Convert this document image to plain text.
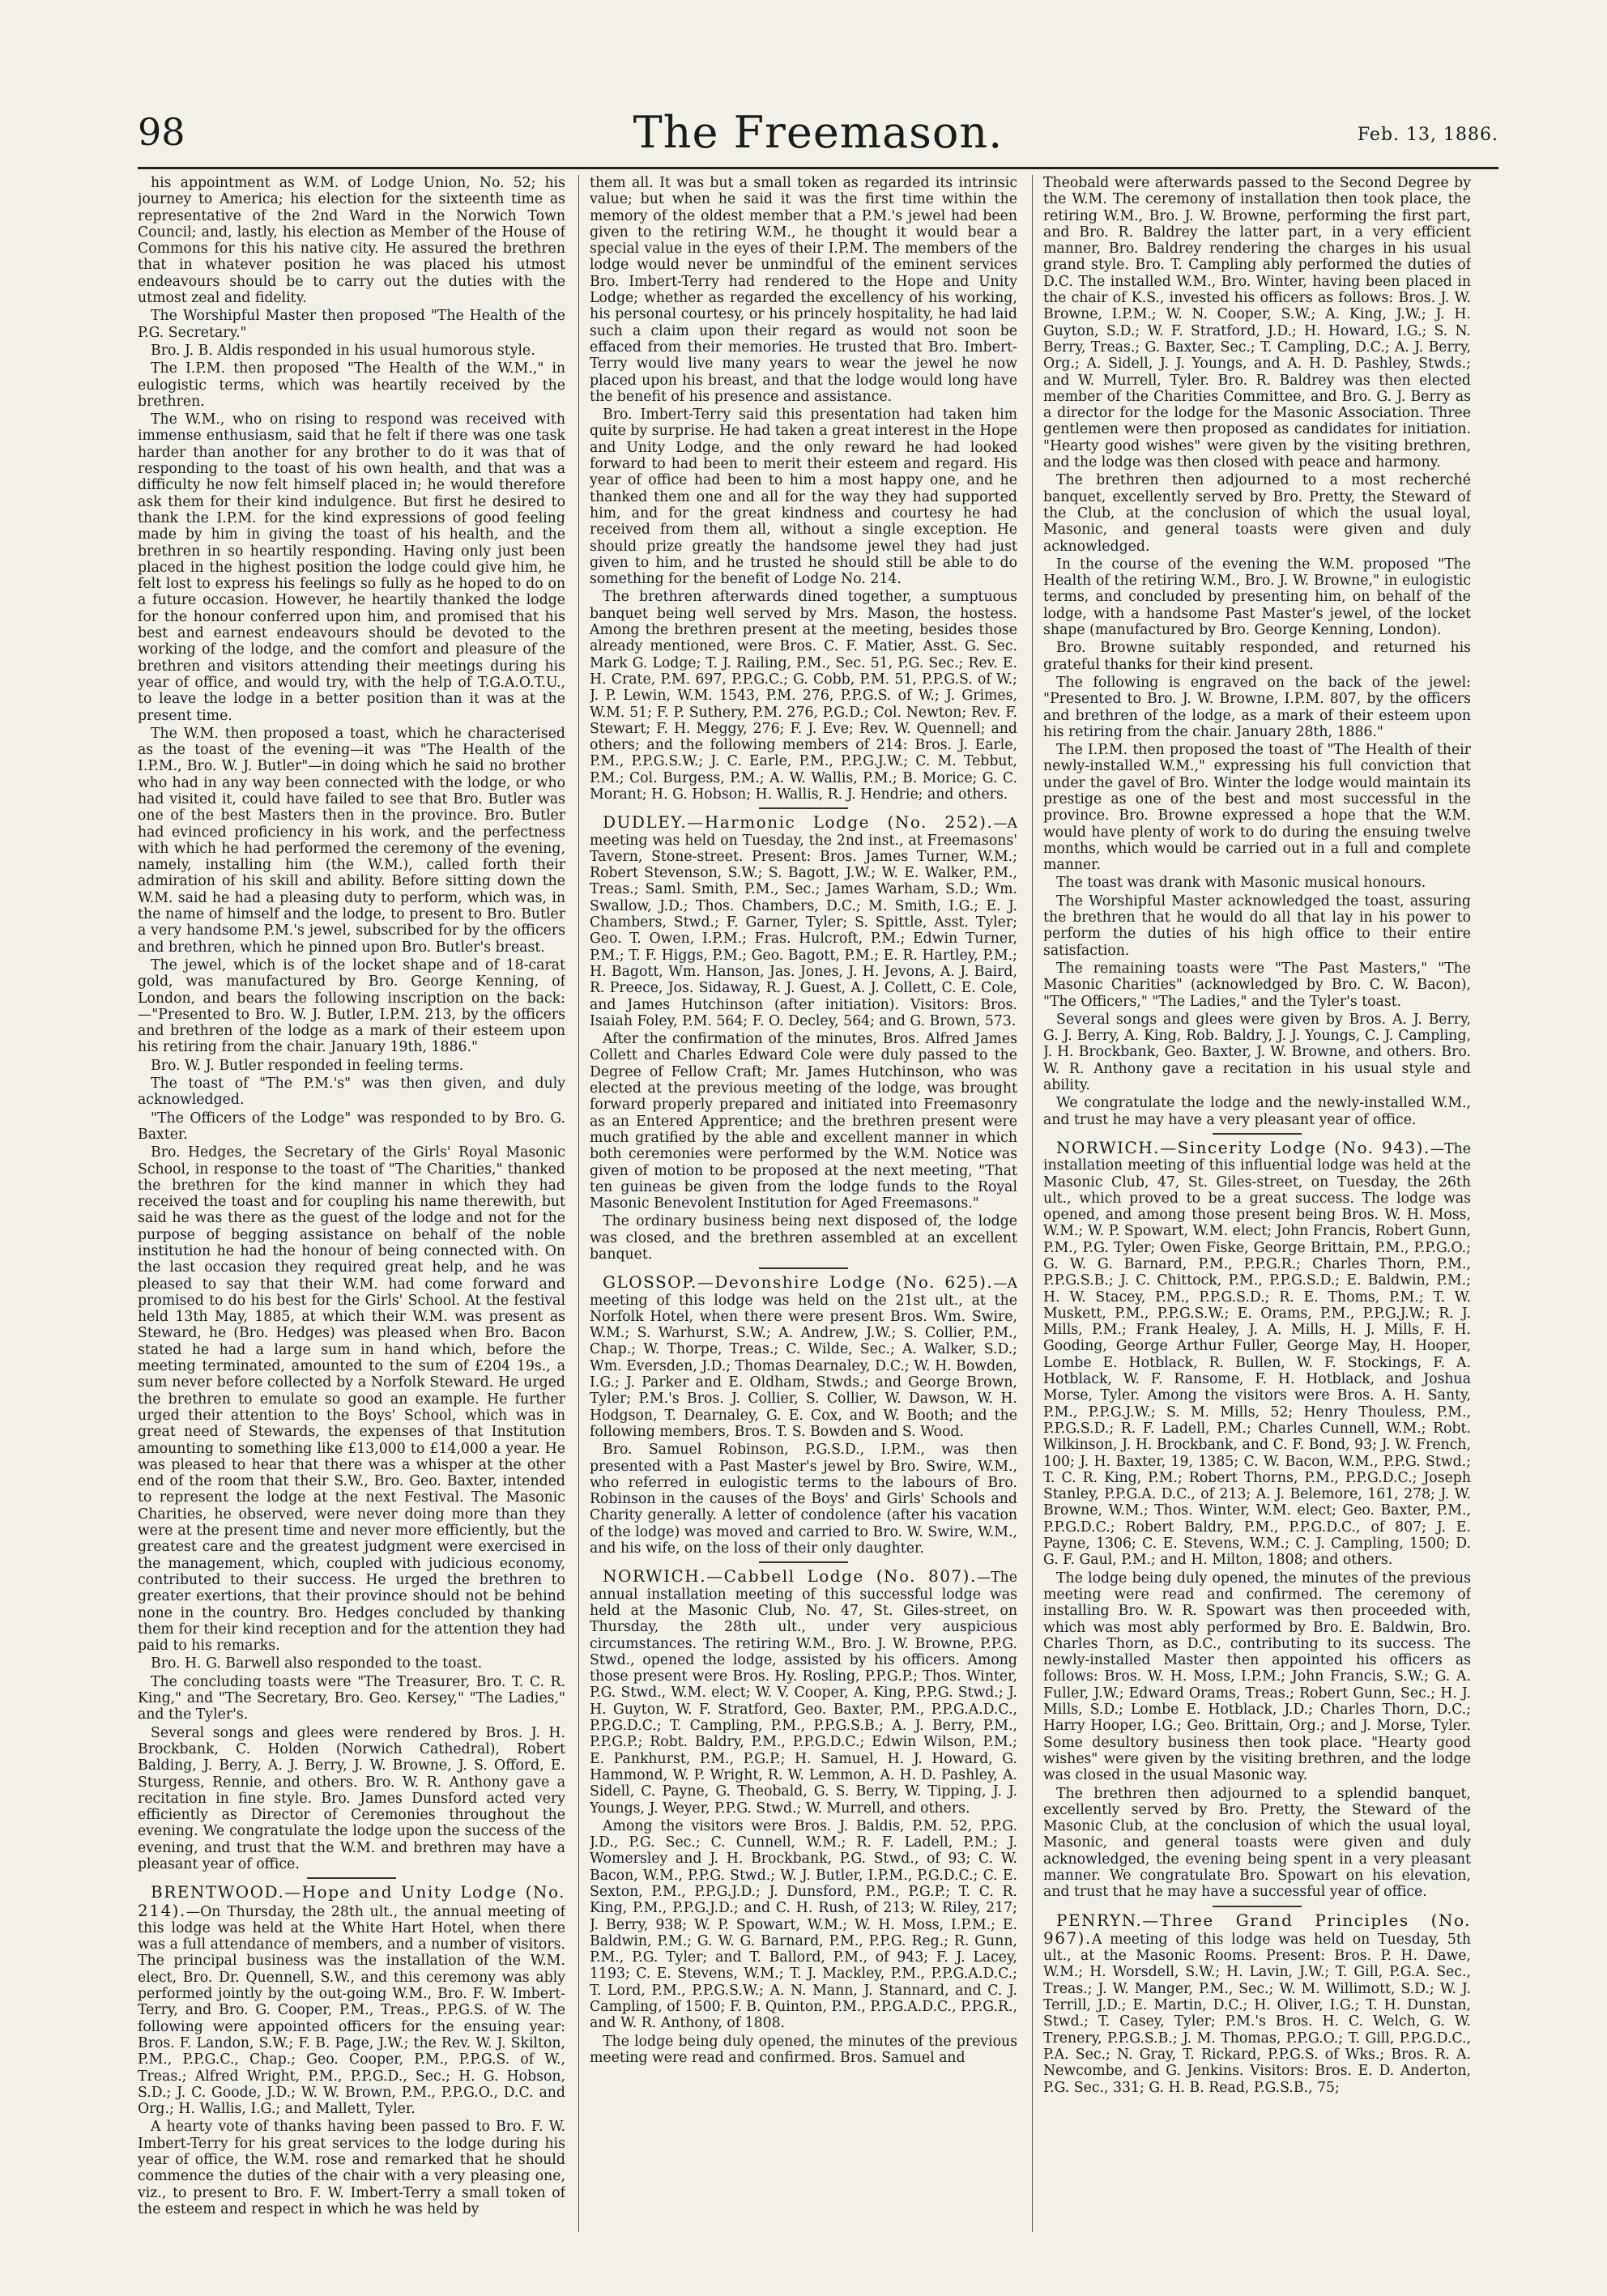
98	The Freemason.	Feb. 13, 1886.

his appointment as W.M. of Lodge Union, No. 52; his journey to America; his election for the sixteenth time as representative of the 2nd Ward in the Norwich Town Council; and, lastly, his election as Member of the House of Commons for this his native city. He assured the brethren that in whatever position he was placed his utmost endeavours should be to carry out the duties with the utmost zeal and fidelity.

The Worshipful Master then proposed "The Health of the P.G. Secretary."

Bro. J. B. Aldis responded in his usual humorous style.

The I.P.M. then proposed "The Health of the W.M.," in eulogistic terms, which was heartily received by the brethren.

The W.M., who on rising to respond was received with immense enthusiasm, said that he felt if there was one task harder than another for any brother to do it was that of responding to the toast of his own health, and that was a difficulty he now felt himself placed in; he would therefore ask them for their kind indulgence. But first he desired to thank the I.P.M. for the kind expressions of good feeling made by him in giving the toast of his health, and the brethren in so heartily responding. Having only just been placed in the highest position the lodge could give him, he felt lost to express his feelings so fully as he hoped to do on a future occasion. However, he heartily thanked the lodge for the honour conferred upon him, and promised that his best and earnest endeavours should be devoted to the working of the lodge, and the comfort and pleasure of the brethren and visitors attending their meetings during his year of office, and would try, with the help of T.G.A.O.T.U., to leave the lodge in a better position than it was at the present time.

The W.M. then proposed a toast, which he characterised as the toast of the evening—it was "The Health of the I.P.M., Bro. W. J. Butler"—in doing which he said no brother who had in any way been connected with the lodge, or who had visited it, could have failed to see that Bro. Butler was one of the best Masters then in the province. Bro. Butler had evinced proficiency in his work, and the perfectness with which he had performed the ceremony of the evening, namely, installing him (the W.M.), called forth their admiration of his skill and ability. Before sitting down the W.M. said he had a pleasing duty to perform, which was, in the name of himself and the lodge, to present to Bro. Butler a very handsome P.M.'s jewel, subscribed for by the officers and brethren, which he pinned upon Bro. Butler's breast.

The jewel, which is of the locket shape and of 18-carat gold, was manufactured by Bro. George Kenning, of London, and bears the following inscription on the back:—"Presented to Bro. W. J. Butler, I.P.M. 213, by the officers and brethren of the lodge as a mark of their esteem upon his retiring from the chair. January 19th, 1886."

Bro. W. J. Butler responded in feeling terms.

The toast of "The P.M.'s" was then given, and duly acknowledged.

"The Officers of the Lodge" was responded to by Bro. G. Baxter.

Bro. Hedges, the Secretary of the Girls' Royal Masonic School, in response to the toast of "The Charities," thanked the brethren for the kind manner in which they had received the toast and for coupling his name therewith, but said he was there as the guest of the lodge and not for the purpose of begging assistance on behalf of the noble institution he had the honour of being connected with. On the last occasion they required great help, and he was pleased to say that their W.M. had come forward and promised to do his best for the Girls' School. At the festival held 13th May, 1885, at which their W.M. was present as Steward, he (Bro. Hedges) was pleased when Bro. Bacon stated he had a large sum in hand which, before the meeting terminated, amounted to the sum of £204 19s., a sum never before collected by a Norfolk Steward. He urged the brethren to emulate so good an example. He further urged their attention to the Boys' School, which was in great need of Stewards, the expenses of that Institution amounting to something like £13,000 to £14,000 a year. He was pleased to hear that there was a whisper at the other end of the room that their S.W., Bro. Geo. Baxter, intended to represent the lodge at the next Festival. The Masonic Charities, he observed, were never doing more than they were at the present time and never more efficiently, but the greatest care and the greatest judgment were exercised in the management, which, coupled with judicious economy, contributed to their success. He urged the brethren to greater exertions, that their province should not be behind none in the country. Bro. Hedges concluded by thanking them for their kind reception and for the attention they had paid to his remarks.

Bro. H. G. Barwell also responded to the toast.

The concluding toasts were "The Treasurer, Bro. T. C. R. King," and "The Secretary, Bro. Geo. Kersey," "The Ladies," and the Tyler's.

Several songs and glees were rendered by Bros. J. H. Brockbank, C. Holden (Norwich Cathedral), Robert Balding, J. Berry, A. J. Berry, J. W. Browne, J. S. Offord, E. Sturgess, Rennie, and others. Bro. W. R. Anthony gave a recitation in fine style. Bro. James Dunsford acted very efficiently as Director of Ceremonies throughout the evening. We congratulate the lodge upon the success of the evening, and trust that the W.M. and brethren may have a pleasant year of office.

BRENTWOOD.—Hope and Unity Lodge (No. 214).—On Thursday, the 28th ult., the annual meeting of this lodge was held at the White Hart Hotel, when there was a full attendance of members, and a number of visitors. The principal business was the installation of the W.M. elect, Bro. Dr. Quennell, S.W., and this ceremony was ably performed jointly by the out-going W.M., Bro. F. W. Imbert-Terry, and Bro. G. Cooper, P.M., Treas., P.P.G.S. of W. The following were appointed officers for the ensuing year: Bros. F. Landon, S.W.; F. B. Page, J.W.; the Rev. W. J. Skilton, P.M., P.P.G.C., Chap.; Geo. Cooper, P.M., P.P.G.S. of W., Treas.; Alfred Wright, P.M., P.P.G.D., Sec.; H. G. Hobson, S.D.; J. C. Goode, J.D.; W. W. Brown, P.M., P.P.G.O., D.C. and Org.; H. Wallis, I.G.; and Mallett, Tyler.

A hearty vote of thanks having been passed to Bro. F. W. Imbert-Terry for his great services to the lodge during his year of office, the W.M. rose and remarked that he should commence the duties of the chair with a very pleasing one, viz., to present to Bro. F. W. Imbert-Terry a small token of the esteem and respect in which he was held by

them all. It was but a small token as regarded its intrinsic value; but when he said it was the first time within the memory of the oldest member that a P.M.'s jewel had been given to the retiring W.M., he thought it would bear a special value in the eyes of their I.P.M. The members of the lodge would never be unmindful of the eminent services Bro. Imbert-Terry had rendered to the Hope and Unity Lodge; whether as regarded the excellency of his working, his personal courtesy, or his princely hospitality, he had laid such a claim upon their regard as would not soon be effaced from their memories. He trusted that Bro. Imbert-Terry would live many years to wear the jewel he now placed upon his breast, and that the lodge would long have the benefit of his presence and assistance.

Bro. Imbert-Terry said this presentation had taken him quite by surprise. He had taken a great interest in the Hope and Unity Lodge, and the only reward he had looked forward to had been to merit their esteem and regard. His year of office had been to him a most happy one, and he thanked them one and all for the way they had supported him, and for the great kindness and courtesy he had received from them all, without a single exception. He should prize greatly the handsome jewel they had just given to him, and he trusted he should still be able to do something for the benefit of Lodge No. 214.

The brethren afterwards dined together, a sumptuous banquet being well served by Mrs. Mason, the hostess. Among the brethren present at the meeting, besides those already mentioned, were Bros. C. F. Matier, Asst. G. Sec. Mark G. Lodge; T. J. Railing, P.M., Sec. 51, P.G. Sec.; Rev. E. H. Crate, P.M. 697, P.P.G.C.; G. Cobb, P.M. 51, P.P.G.S. of W.; J. P. Lewin, W.M. 1543, P.M. 276, P.P.G.S. of W.; J. Grimes, W.M. 51; F. P. Suthery, P.M. 276, P.G.D.; Col. Newton; Rev. F. Stewart; F. H. Meggy, 276; F. J. Eve; Rev. W. Quennell; and others; and the following members of 214: Bros. J. Earle, P.M., P.P.G.S.W.; J. C. Earle, P.M., P.P.G.J.W.; C. M. Tebbut, P.M.; Col. Burgess, P.M.; A. W. Wallis, P.M.; B. Morice; G. C. Morant; H. G. Hobson; H. Wallis, R. J. Hendrie; and others.

DUDLEY.—Harmonic Lodge (No. 252).—A meeting was held on Tuesday, the 2nd inst., at Freemasons' Tavern, Stone-street. Present: Bros. James Turner, W.M.; Robert Stevenson, S.W.; S. Bagott, J.W.; W. E. Walker, P.M., Treas.; Saml. Smith, P.M., Sec.; James Warham, S.D.; Wm. Swallow, J.D.; Thos. Chambers, D.C.; M. Smith, I.G.; E. J. Chambers, Stwd.; F. Garner, Tyler; S. Spittle, Asst. Tyler; Geo. T. Owen, I.P.M.; Fras. Hulcroft, P.M.; Edwin Turner, P.M.; T. F. Higgs, P.M.; Geo. Bagott, P.M.; E. R. Hartley, P.M.; H. Bagott, Wm. Hanson, Jas. Jones, J. H. Jevons, A. J. Baird, R. Preece, Jos. Sidaway, R. J. Guest, A. J. Collett, C. E. Cole, and James Hutchinson (after initiation). Visitors: Bros. Isaiah Foley, P.M. 564; F. O. Decley, 564; and G. Brown, 573.

After the confirmation of the minutes, Bros. Alfred James Collett and Charles Edward Cole were duly passed to the Degree of Fellow Craft; Mr. James Hutchinson, who was elected at the previous meeting of the lodge, was brought forward properly prepared and initiated into Freemasonry as an Entered Apprentice; and the brethren present were much gratified by the able and excellent manner in which both ceremonies were performed by the W.M. Notice was given of motion to be proposed at the next meeting, "That ten guineas be given from the lodge funds to the Royal Masonic Benevolent Institution for Aged Freemasons."

The ordinary business being next disposed of, the lodge was closed, and the brethren assembled at an excellent banquet.

GLOSSOP.—Devonshire Lodge (No. 625).—A meeting of this lodge was held on the 21st ult., at the Norfolk Hotel, when there were present Bros. Wm. Swire, W.M.; S. Warhurst, S.W.; A. Andrew, J.W.; S. Collier, P.M., Chap.; W. Thorpe, Treas.; C. Wilde, Sec.; A. Walker, S.D.; Wm. Eversden, J.D.; Thomas Dearnaley, D.C.; W. H. Bowden, I.G.; J. Parker and E. Oldham, Stwds.; and George Brown, Tyler; P.M.'s Bros. J. Collier, S. Collier, W. Dawson, W. H. Hodgson, T. Dearnaley, G. E. Cox, and W. Booth; and the following members, Bros. T. S. Bowden and S. Wood.

Bro. Samuel Robinson, P.G.S.D., I.P.M., was then presented with a Past Master's jewel by Bro. Swire, W.M., who referred in eulogistic terms to the labours of Bro. Robinson in the causes of the Boys' and Girls' Schools and Charity generally. A letter of condolence (after his vacation of the lodge) was moved and carried to Bro. W. Swire, W.M., and his wife, on the loss of their only daughter.

NORWICH.—Cabbell Lodge (No. 807).—The annual installation meeting of this successful lodge was held at the Masonic Club, No. 47, St. Giles-street, on Thursday, the 28th ult., under very auspicious circumstances. The retiring W.M., Bro. J. W. Browne, P.P.G. Stwd., opened the lodge, assisted by his officers. Among those present were Bros. Hy. Rosling, P.P.G.P.; Thos. Winter, P.G. Stwd., W.M. elect; W. V. Cooper, A. King, P.P.G. Stwd.; J. H. Guyton, W. F. Stratford, Geo. Baxter, P.M., P.P.G.A.D.C., P.P.G.D.C.; T. Campling, P.M., P.P.G.S.B.; A. J. Berry, P.M., P.P.G.P.; Robt. Baldry, P.M., P.P.G.D.C.; Edwin Wilson, P.M.; E. Pankhurst, P.M., P.G.P.; H. Samuel, H. J. Howard, G. Hammond, W. P. Wright, R. W. Lemmon, A. H. D. Pashley, A. Sidell, C. Payne, G. Theobald, G. S. Berry, W. Tipping, J. J. Youngs, J. Weyer, P.P.G. Stwd.; W. Murrell, and others.

Among the visitors were Bros. J. Baldis, P.M. 52, P.P.G. J.D., P.G. Sec.; C. Cunnell, W.M.; R. F. Ladell, P.M.; J. Womersley and J. H. Brockbank, P.G. Stwd., of 93; C. W. Bacon, W.M., P.P.G. Stwd.; W. J. Butler, I.P.M., P.G.D.C.; C. E. Sexton, P.M., P.P.G.J.D.; J. Dunsford, P.M., P.G.P.; T. C. R. King, P.M., P.P.G.J.D.; and C. H. Rush, of 213; W. Riley, 217; J. Berry, 938; W. P. Spowart, W.M.; W. H. Moss, I.P.M.; E. Baldwin, P.M.; G. W. G. Barnard, P.M., P.P.G. Reg.; R. Gunn, P.M., P.G. Tyler; and T. Ballord, P.M., of 943; F. J. Lacey, 1193; C. E. Stevens, W.M.; T. J. Mackley, P.M., P.P.G.A.D.C.; T. Lord, P.M., P.P.G.S.W.; A. N. Mann, J. Stannard, and C. J. Campling, of 1500; F. B. Quinton, P.M., P.P.G.A.D.C., P.P.G.R., and W. R. Anthony, of 1808.

The lodge being duly opened, the minutes of the previous meeting were read and confirmed. Bros. Samuel and

Theobald were afterwards passed to the Second Degree by the W.M. The ceremony of installation then took place, the retiring W.M., Bro. J. W. Browne, performing the first part, and Bro. R. Baldrey the latter part, in a very efficient manner, Bro. Baldrey rendering the charges in his usual grand style. Bro. T. Campling ably performed the duties of D.C. The installed W.M., Bro. Winter, having been placed in the chair of K.S., invested his officers as follows: Bros. J. W. Browne, I.P.M.; W. N. Cooper, S.W.; A. King, J.W.; J. H. Guyton, S.D.; W. F. Stratford, J.D.; H. Howard, I.G.; S. N. Berry, Treas.; G. Baxter, Sec.; T. Campling, D.C.; A. J. Berry, Org.; A. Sidell, J. J. Youngs, and A. H. D. Pashley, Stwds.; and W. Murrell, Tyler. Bro. R. Baldrey was then elected member of the Charities Committee, and Bro. G. J. Berry as a director for the lodge for the Masonic Association. Three gentlemen were then proposed as candidates for initiation. "Hearty good wishes" were given by the visiting brethren, and the lodge was then closed with peace and harmony.

The brethren then adjourned to a most recherché banquet, excellently served by Bro. Pretty, the Steward of the Club, at the conclusion of which the usual loyal, Masonic, and general toasts were given and duly acknowledged.

In the course of the evening the W.M. proposed "The Health of the retiring W.M., Bro. J. W. Browne," in eulogistic terms, and concluded by presenting him, on behalf of the lodge, with a handsome Past Master's jewel, of the locket shape (manufactured by Bro. George Kenning, London).

Bro. Browne suitably responded, and returned his grateful thanks for their kind present.

The following is engraved on the back of the jewel: "Presented to Bro. J. W. Browne, I.P.M. 807, by the officers and brethren of the lodge, as a mark of their esteem upon his retiring from the chair. January 28th, 1886."

The I.P.M. then proposed the toast of "The Health of their newly-installed W.M.," expressing his full conviction that under the gavel of Bro. Winter the lodge would maintain its prestige as one of the best and most successful in the province. Bro. Browne expressed a hope that the W.M. would have plenty of work to do during the ensuing twelve months, which would be carried out in a full and complete manner.

The toast was drank with Masonic musical honours.

The Worshipful Master acknowledged the toast, assuring the brethren that he would do all that lay in his power to perform the duties of his high office to their entire satisfaction.

The remaining toasts were "The Past Masters," "The Masonic Charities" (acknowledged by Bro. C. W. Bacon), "The Officers," "The Ladies," and the Tyler's toast.

Several songs and glees were given by Bros. A. J. Berry, G. J. Berry, A. King, Rob. Baldry, J. J. Youngs, C. J. Campling, J. H. Brockbank, Geo. Baxter, J. W. Browne, and others. Bro. W. R. Anthony gave a recitation in his usual style and ability.

We congratulate the lodge and the newly-installed W.M., and trust he may have a very pleasant year of office.

NORWICH.—Sincerity Lodge (No. 943).—The installation meeting of this influential lodge was held at the Masonic Club, 47, St. Giles-street, on Tuesday, the 26th ult., which proved to be a great success. The lodge was opened, and among those present being Bros. W. H. Moss, W.M.; W. P. Spowart, W.M. elect; John Francis, Robert Gunn, P.M., P.G. Tyler; Owen Fiske, George Brittain, P.M., P.P.G.O.; G. W. G. Barnard, P.M., P.P.G.R.; Charles Thorn, P.M., P.P.G.S.B.; J. C. Chittock, P.M., P.P.G.S.D.; E. Baldwin, P.M.; H. W. Stacey, P.M., P.P.G.S.D.; R. E. Thoms, P.M.; T. W. Muskett, P.M., P.P.G.S.W.; E. Orams, P.M., P.P.G.J.W.; R. J. Mills, P.M.; Frank Healey, J. A. Mills, H. J. Mills, F. H. Gooding, George Arthur Fuller, George May, H. Hooper, Lombe E. Hotblack, R. Bullen, W. F. Stockings, F. A. Hotblack, W. F. Ransome, F. H. Hotblack, and Joshua Morse, Tyler. Among the visitors were Bros. A. H. Santy, P.M., P.P.G.J.W.; S. M. Mills, 52; Henry Thouless, P.M., P.P.G.S.D.; R. F. Ladell, P.M.; Charles Cunnell, W.M.; Robt. Wilkinson, J. H. Brockbank, and C. F. Bond, 93; J. W. French, 100; J. H. Baxter, 19, 1385; C. W. Bacon, W.M., P.P.G. Stwd.; T. C. R. King, P.M.; Robert Thorns, P.M., P.P.G.D.C.; Joseph Stanley, P.P.G.A. D.C., of 213; A. J. Belemore, 161, 278; J. W. Browne, W.M.; Thos. Winter, W.M. elect; Geo. Baxter, P.M., P.P.G.D.C.; Robert Baldry, P.M., P.P.G.D.C., of 807; J. E. Payne, 1306; C. E. Stevens, W.M.; C. J. Campling, 1500; D. G. F. Gaul, P.M.; and H. Milton, 1808; and others.

The lodge being duly opened, the minutes of the previous meeting were read and confirmed. The ceremony of installing Bro. W. R. Spowart was then proceeded with, which was most ably performed by Bro. E. Baldwin, Bro. Charles Thorn, as D.C., contributing to its success. The newly-installed Master then appointed his officers as follows: Bros. W. H. Moss, I.P.M.; John Francis, S.W.; G. A. Fuller, J.W.; Edward Orams, Treas.; Robert Gunn, Sec.; H. J. Mills, S.D.; Lombe E. Hotblack, J.D.; Charles Thorn, D.C.; Harry Hooper, I.G.; Geo. Brittain, Org.; and J. Morse, Tyler. Some desultory business then took place. "Hearty good wishes" were given by the visiting brethren, and the lodge was closed in the usual Masonic way.

The brethren then adjourned to a splendid banquet, excellently served by Bro. Pretty, the Steward of the Masonic Club, at the conclusion of which the usual loyal, Masonic, and general toasts were given and duly acknowledged, the evening being spent in a very pleasant manner. We congratulate Bro. Spowart on his elevation, and trust that he may have a successful year of office.

PENRYN.—Three Grand Principles (No. 967).A meeting of this lodge was held on Tuesday, 5th ult., at the Masonic Rooms. Present: Bros. P. H. Dawe, W.M.; H. Worsdell, S.W.; H. Lavin, J.W.; T. Gill, P.G.A. Sec., Treas.; J. W. Manger, P.M., Sec.; W. M. Willimott, S.D.; W. J. Terrill, J.D.; E. Martin, D.C.; H. Oliver, I.G.; T. H. Dunstan, Stwd.; T. Casey, Tyler; P.M.'s Bros. H. C. Welch, G. W. Trenery, P.P.G.S.B.; J. M. Thomas, P.P.G.O.; T. Gill, P.P.G.D.C., P.A. Sec.; N. Gray, T. Rickard, P.P.G.S. of Wks.; Bros. R. A. Newcombe, and G. Jenkins. Visitors: Bros. E. D. Anderton, P.G. Sec., 331; G. H. B. Read, P.G.S.B., 75;
